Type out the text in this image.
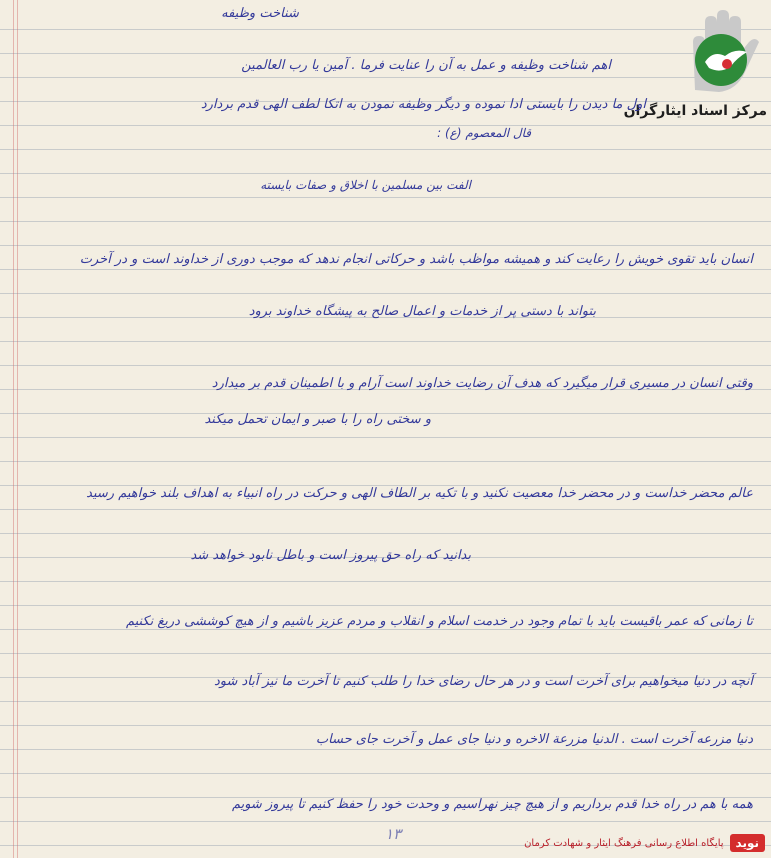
مرکز اسناد ایثارگران
شناخت وظیفه
اهم شناخت وظیفه و عمل به آن را عنایت فرما . آمین یا رب العالمین
قال المعصوم (ع) :
اول ما دیدن را بایستی ادا نموده و دیگر وظیفه نمودن به اتکا لطف الهی قدم بردارد
الفت بین مسلمین با اخلاق و صفات بایسته
انسان باید تقوی خویش را رعایت کند و همیشه مواظب باشد و حرکاتی انجام ندهد که موجب دوری از خداوند است و در آخرت
بتواند با دستی پر از خدمات و اعمال صالح به پیشگاه خداوند برود
وقتی انسان در مسیری قرار میگیرد که هدف آن رضایت خداوند است آرام و با اطمینان قدم بر میدارد
و سختی راه را با صبر و ایمان تحمل میکند
عالم محضر خداست و در محضر خدا معصیت نکنید و با تکیه بر الطاف الهی و حرکت در راه انبیاء به اهداف بلند خواهیم رسید
بدانید که راه حق پیروز است و باطل نابود خواهد شد
تا زمانی که عمر باقیست باید با تمام وجود در خدمت اسلام و انقلاب و مردم عزیز باشیم و از هیچ کوششی دریغ نکنیم
آنچه در دنیا میخواهیم برای آخرت است و در هر حال رضای خدا را طلب کنیم تا آخرت ما نیز آباد شود
دنیا مزرعه آخرت است . الدنیا مزرعة الاخره و دنیا جای عمل و آخرت جای حساب
همه با هم در راه خدا قدم برداریم و از هیچ چیز نهراسیم و وحدت خود را حفظ کنیم تا پیروز شویم
۱۳	پایگاه اطلاع رسانی فرهنگ ایثار و شهادت کرمان	نوید
